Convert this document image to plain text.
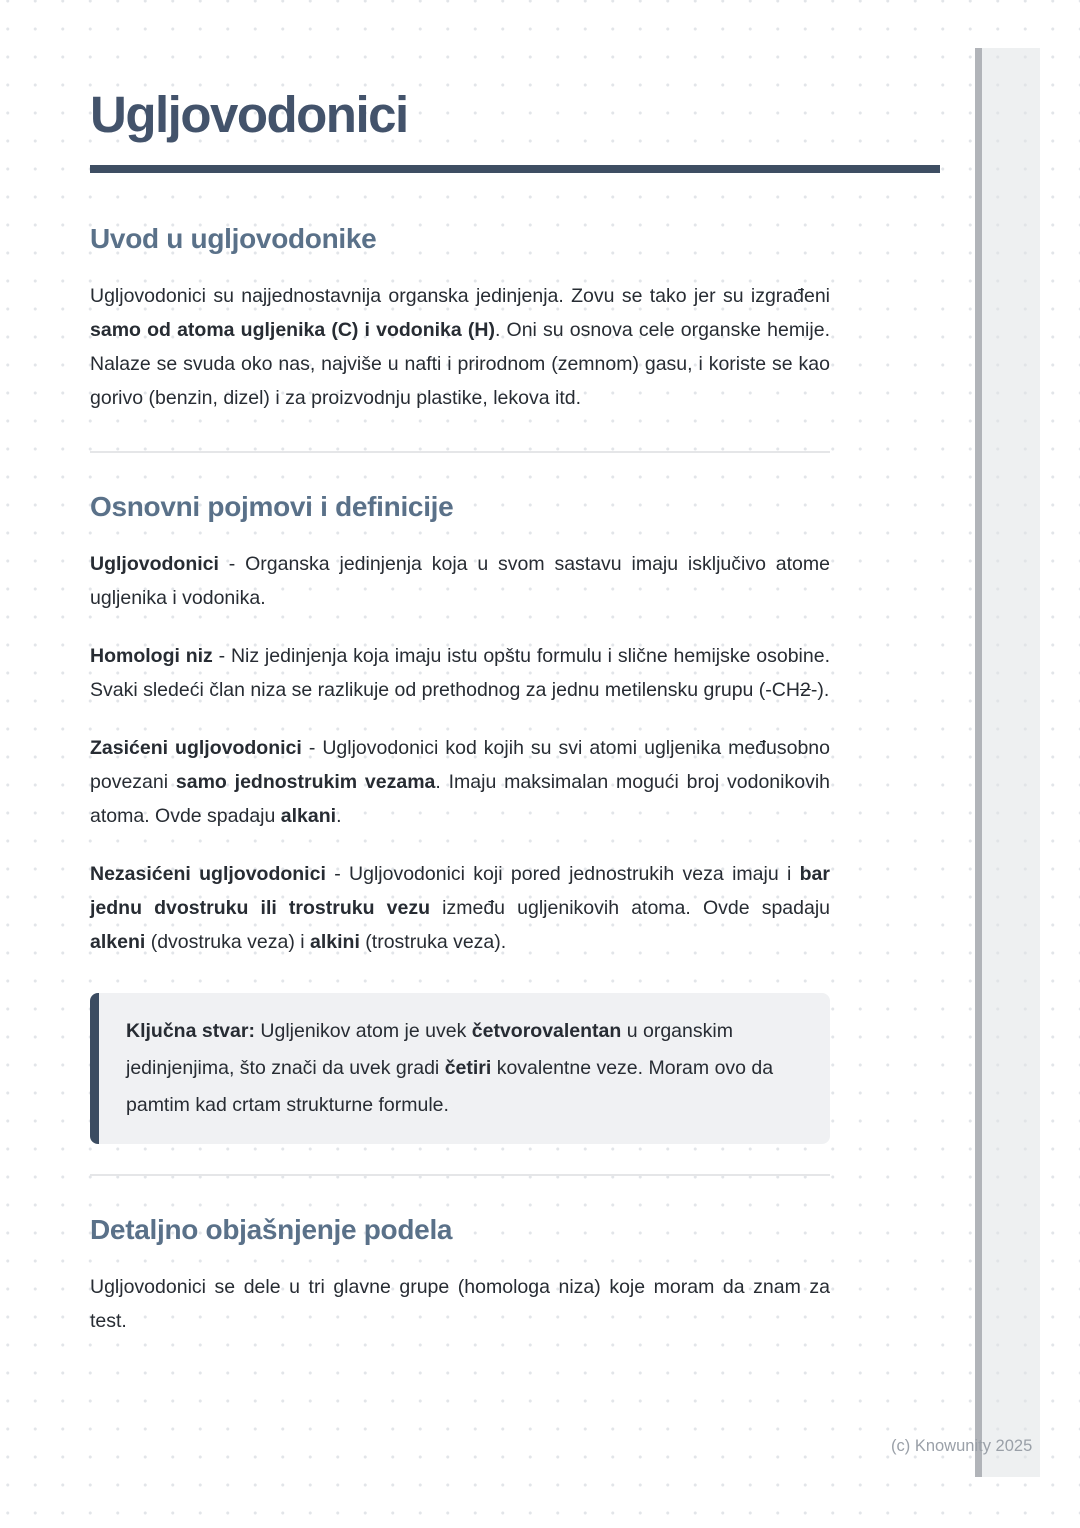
Ugljovodonici
Uvod u ugljovodonike

Ugljovodonici su najjednostavnija organska jedinjenja. Zovu se tako jer su izgrađeni samo od atoma ugljenika (C) i vodonika (H). Oni su osnova cele organske hemije. Nalaze se svuda oko nas, najviše u nafti i prirodnom (zemnom) gasu, i koriste se kao gorivo (benzin, dizel) i za proizvodnju plastike, lekova itd.

Osnovni pojmovi i definicije

Ugljovodonici - Organska jedinjenja koja u svom sastavu imaju isključivo atome ugljenika i vodonika.

Homologi niz - Niz jedinjenja koja imaju istu opštu formulu i slične hemijske osobine. Svaki sledeći član niza se razlikuje od prethodnog za jednu metilensku grupu (-CH2-).

Zasićeni ugljovodonici - Ugljovodonici kod kojih su svi atomi ugljenika međusobno povezani samo jednostrukim vezama. Imaju maksimalan mogući broj vodonikovih atoma. Ovde spadaju alkani.

Nezasićeni ugljovodonici - Ugljovodonici koji pored jednostrukih veza imaju i bar jednu dvostruku ili trostruku vezu između ugljenikovih atoma. Ovde spadaju alkeni (dvostruka veza) i alkini (trostruka veza).

Ključna stvar: Ugljenikov atom je uvek četvorovalentan u organskim jedinjenjima, što znači da uvek gradi četiri kovalentne veze. Moram ovo da pamtim kad crtam strukturne formule.

Detaljno objašnjenje podela

Ugljovodonici se dele u tri glavne grupe (homologa niza) koje moram da znam za test.

(c) Knowunity 2025
